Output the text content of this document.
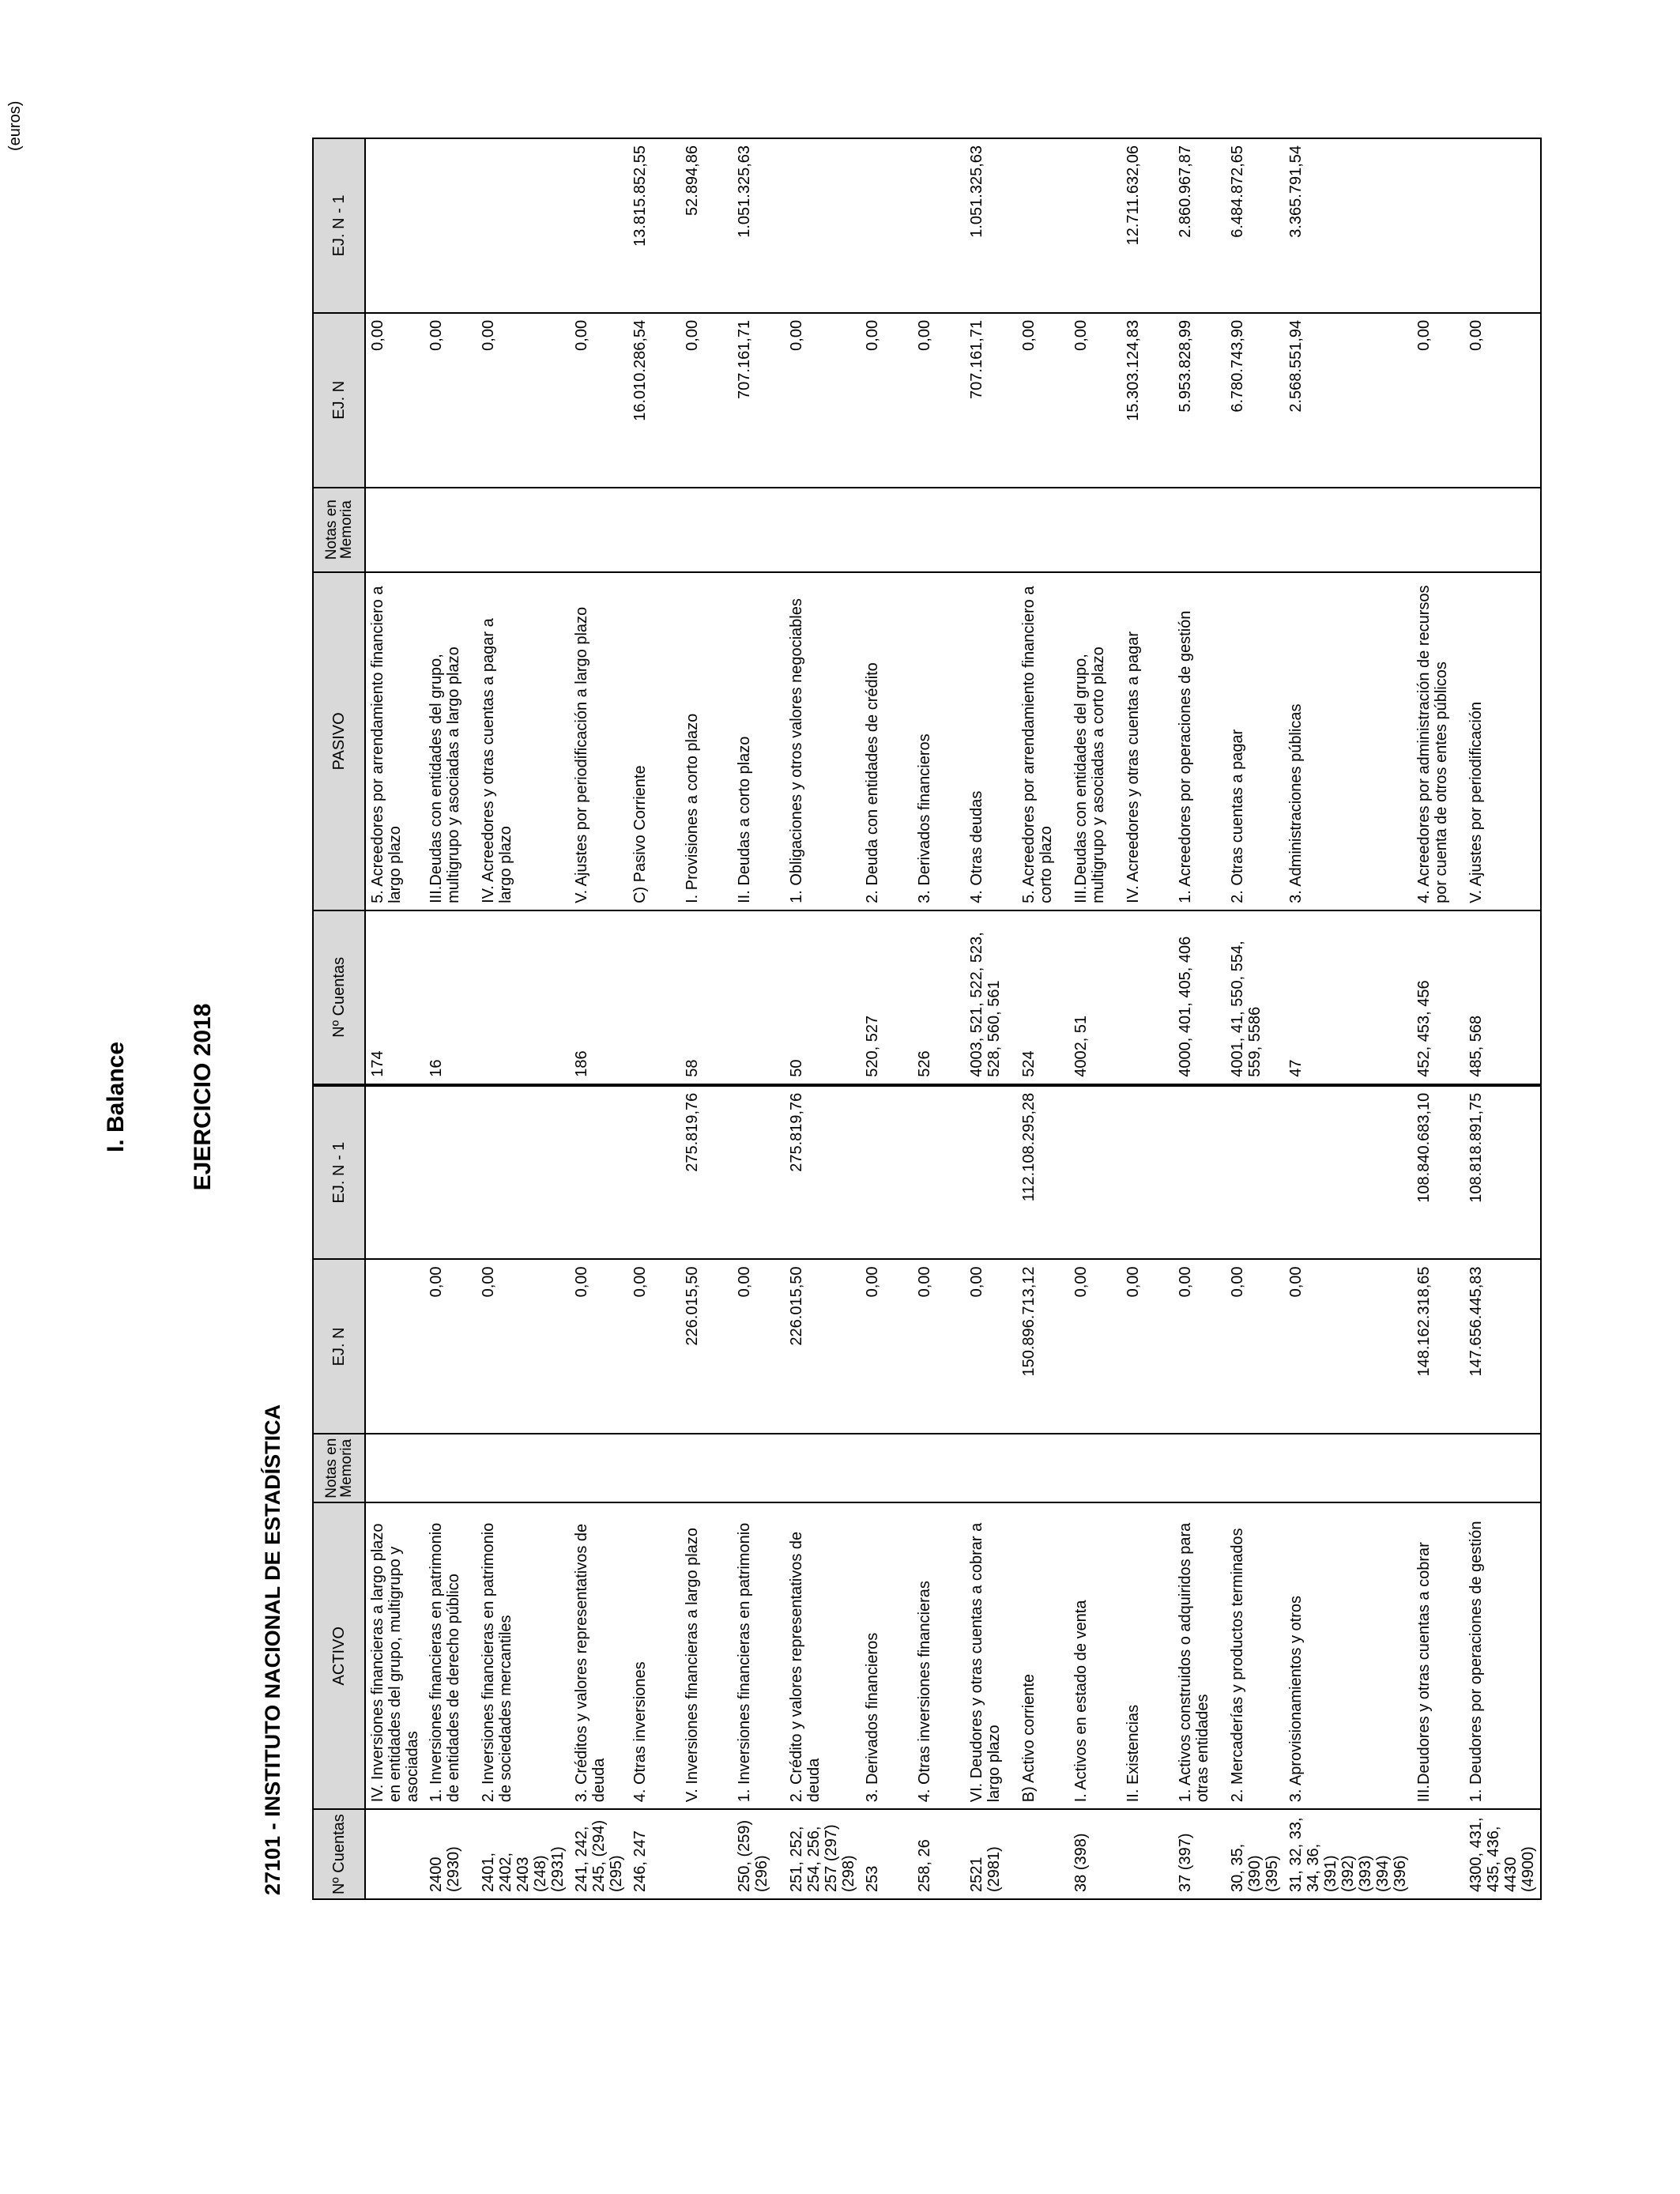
I. Balance	EJERCICIO 2018
27101 - INSTITUTO NACIONAL DE ESTADÍSTICA
(euros)
Nº Cuentas	ACTIVO	Notas en Memoria	EJ. N	EJ. N - 1	Nº Cuentas	PASIVO	Notas en Memoria	EJ. N	EJ. N - 1
	IV. Inversiones financieras a largo plazo en entidades del grupo, multigrupo y asociadas				174	5. Acreedores por arrendamiento financiero a largo plazo		0,00	
2400 (2930)	1. Inversiones financieras en patrimonio de entidades de derecho público		0,00		16	III.Deudas con entidades del grupo, multigrupo y asociadas a largo plazo		0,00	
2401, 2402, 2403 (248) (2931)	2. Inversiones financieras en patrimonio de sociedades mercantiles		0,00			IV. Acreedores y otras cuentas a pagar a largo plazo		0,00	
241, 242, 245, (294) (295)	3. Créditos y valores representativos de deuda		0,00		186	V. Ajustes por periodificación a largo plazo		0,00	
246, 247	4. Otras inversiones		0,00			C) Pasivo Corriente		16.010.286,54	13.815.852,55
	V. Inversiones financieras a largo plazo		226.015,50	275.819,76	58	I. Provisiones a corto plazo		0,00	52.894,86
250, (259) (296)	1. Inversiones financieras en patrimonio		0,00			II. Deudas a corto plazo		707.161,71	1.051.325,63
251, 252, 254, 256, 257 (297) (298)	2. Crédito y valores representativos de deuda		226.015,50	275.819,76	50	1. Obligaciones y otros valores negociables		0,00	
253	3. Derivados financieros		0,00		520, 527	2. Deuda con entidades de crédito		0,00	
258, 26	4. Otras inversiones financieras		0,00		526	3. Derivados financieros		0,00	
2521 (2981)	VI. Deudores y otras cuentas a cobrar a largo plazo		0,00		4003, 521, 522, 523, 528, 560, 561	4. Otras deudas		707.161,71	1.051.325,63
	B) Activo corriente		150.896.713,12	112.108.295,28	524	5. Acreedores por arrendamiento financiero a corto plazo		0,00	
38 (398)	I. Activos en estado de venta		0,00		4002, 51	III.Deudas con entidades del grupo, multigrupo y asociadas a corto plazo		0,00	
	II. Existencias		0,00			IV. Acreedores y otras cuentas a pagar		15.303.124,83	12.711.632,06
37 (397)	1. Activos construidos o adquiridos para otras entidades		0,00		4000, 401, 405, 406	1. Acreedores por operaciones de gestión		5.953.828,99	2.860.967,87
30, 35, (390) (395)	2. Mercaderías y productos terminados		0,00		4001, 41, 550, 554, 559, 5586	2. Otras cuentas a pagar		6.780.743,90	6.484.872,65
31, 32, 33, 34, 36, (391) (392) (393) (394) (396)	3. Aprovisionamientos y otros		0,00		47	3. Administraciones públicas		2.568.551,94	3.365.791,54
	III.Deudores y otras cuentas a cobrar		148.162.318,65	108.840.683,10	452, 453, 456	4. Acreedores por administración de recursos por cuenta de otros entes públicos		0,00	
4300, 431, 435, 436, 4430 (4900)	1. Deudores por operaciones de gestión		147.656.445,83	108.818.891,75	485, 568	V. Ajustes por periodificación		0,00	
